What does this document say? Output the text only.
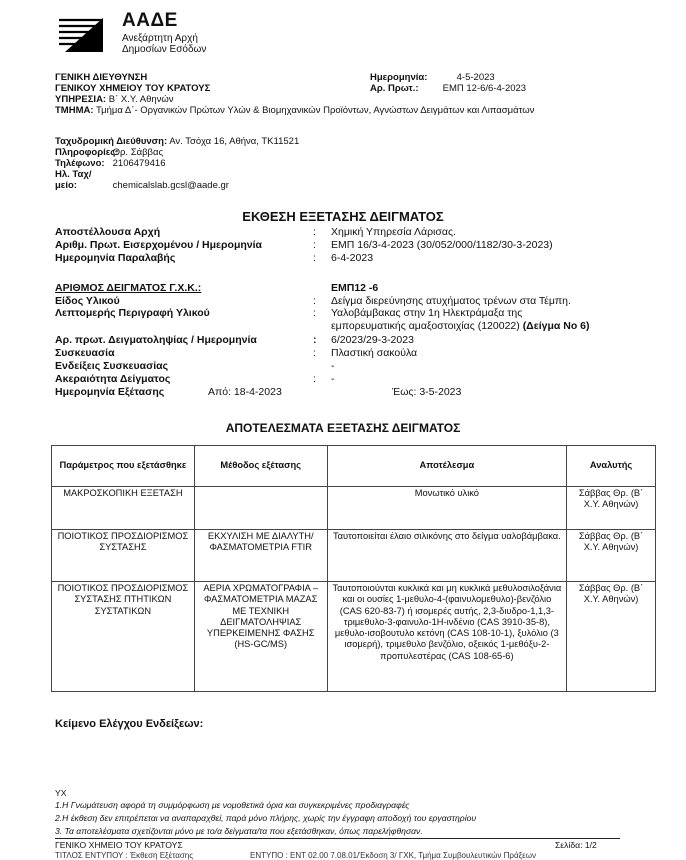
ΑΑΔΕ
Ανεξάρτητη Αρχή
Δημοσίων Εσόδων
ΓΕΝΙΚΗ ΔΙΕΥΘΥΝΣΗ
ΓΕΝΙΚΟΥ ΧΗΜΕΙΟΥ ΤΟΥ ΚΡΑΤΟΥΣ
ΥΠΗΡΕΣΙΑ: Β΄ Χ.Υ. Αθηνών
ΤΜΗΜΑ: Τμήμα Δ΄- Οργανικών Πρώτων Υλών & Βιομηχανικών Προϊόντων, Αγνώστων Δειγμάτων και Λιπασμάτων
Ημερομηνία:	4-5-2023
Αρ. Πρωτ.:	ΕΜΠ 12-6/6-4-2023
Ταχυδρομική Διεύθυνση: Αν. Τσόχα 16, Αθήνα, ΤΚ11521
Πληροφορίες: Θρ. Σάββας
Τηλέφωνο: 2106479416
Ηλ. Ταχ/μείο:	chemicalslab.gcsl@aade.gr
ΕΚΘΕΣΗ ΕΞΕΤΑΣΗΣ ΔΕΙΓΜΑΤΟΣ
Αποστέλλουσα Αρχή	: Χημική Υπηρεσία Λάρισας.
Αριθμ. Πρωτ. Εισερχομένου / Ημερομηνία	: ΕΜΠ 16/3-4-2023 (30/052/000/1182/30-3-2023)
Ημερομηνία Παραλαβής	: 6-4-2023
ΑΡΙΘΜΟΣ ΔΕΙΓΜΑΤΟΣ Γ.Χ.Κ.:	ΕΜΠ12 -6
Είδος Υλικού	: Δείγμα διερεύνησης ατυχήματος τρένων στα Τέμπη.
Λεπτομερής Περιγραφή Υλικού	: Υαλοβάμβακας στην 1η Ηλεκτράμαξα της
εμπορευματικής αμαξοστοιχίας (120022) (Δείγμα Νο 6)
Αρ. πρωτ. Δειγματοληψίας / Ημερομηνία	: 6/2023/29-3-2023
Συσκευασία	: Πλαστική σακούλα
Ενδείξεις Συσκευασίας	-
Ακεραιότητα Δείγματος	: -
Ημερομηνία Εξέτασης	Από: 18-4-2023	Έως: 3-5-2023
ΑΠΟΤΕΛΕΣΜΑΤΑ ΕΞΕΤΑΣΗΣ ΔΕΙΓΜΑΤΟΣ
Παράμετρος που εξετάσθηκε	Μέθοδος εξέτασης	Αποτέλεσμα	Αναλυτής
ΜΑΚΡΟΣΚΟΠΙΚΗ ΕΞΕΤΑΣΗ		Μονωτικό υλικό	Σάββας Θρ. (Β΄ Χ.Υ. Αθηνών)
ΠΟΙΟΤΙΚΟΣ ΠΡΟΣΔΙΟΡΙΣΜΟΣ ΣΥΣΤΑΣΗΣ	ΕΚΧΥΛΙΣΗ ΜΕ ΔΙΑΛΥΤΗ/ ΦΑΣΜΑΤΟΜΕΤΡΙΑ FTIR	Ταυτοποιείται έλαιο σιλικόνης στο δείγμα υαλοβάμβακα.	Σάββας Θρ. (Β΄ Χ.Υ. Αθηνών)
ΠΟΙΟΤΙΚΟΣ ΠΡΟΣΔΙΟΡΙΣΜΟΣ ΣΥΣΤΑΣΗΣ ΠΤΗΤΙΚΩΝ ΣΥΣΤΑΤΙΚΩΝ	ΑΕΡΙΑ ΧΡΩΜΑΤΟΓΡΑΦΙΑ – ΦΑΣΜΑΤΟΜΕΤΡΙΑ ΜΑΖΑΣ ΜΕ ΤΕΧΝΙΚΗ ΔΕΙΓΜΑΤΟΛΗΨΙΑΣ ΥΠΕΡΚΕΙΜΕΝΗΣ ΦΑΣΗΣ (HS-GC/MS)	Ταυτοποιούνται κυκλικά και μη κυκλικά μεθυλοσιλοξάνια και οι ουσίες 1-μεθυλο-4-(φαινυλομεθυλο)-βενζόλιο (CAS 620-83-7) ή ισομερές αυτής, 2,3-διυδρο-1,1,3-τριμεθυλο-3-φαινυλο-1Η-ινδένιο (CAS 3910-35-8), μεθυλο-ισοβουτυλο κετόνη (CAS 108-10-1), ξυλόλιο (3 ισομερή), τριμεθυλο βενζόλιο, οξεικός 1-μεθόξυ-2-προπυλεστέρας (CAS 108-65-6)	Σάββας Θρ. (Β΄ Χ.Υ. Αθηνών)
Κείμενο Ελέγχου Ενδείξεων:
ΥΧ
1.Η Γνωμάτευση αφορά τη συμμόρφωση με νομοθετικά όρια και συγκεκριμένες προδιαγραφές
2.Η έκθεση δεν επιτρέπεται να αναπαραχθεί, παρά μόνο πλήρης, χωρίς την έγγραφη αποδοχή του εργαστηρίου
3. Τα αποτελέσματα σχετίζονται μόνο με το/α δείγματα/τα που εξετάσθηκαν, όπως παρελήφθησαν.
ΓΕΝΙΚΟ ΧΗΜΕΙΟ ΤΟΥ ΚΡΑΤΟΥΣ	Σελίδα: 1/2
ΤΙΤΛΟΣ ΕΝΤΥΠΟΥ : Έκθεση Εξέτασης	ΕΝΤΥΠΟ : ΕΝΤ 02.00 7.08.01/Έκδοση 3/ ΓΧΚ, Τμήμα Συμβουλευτικών Πράξεων
